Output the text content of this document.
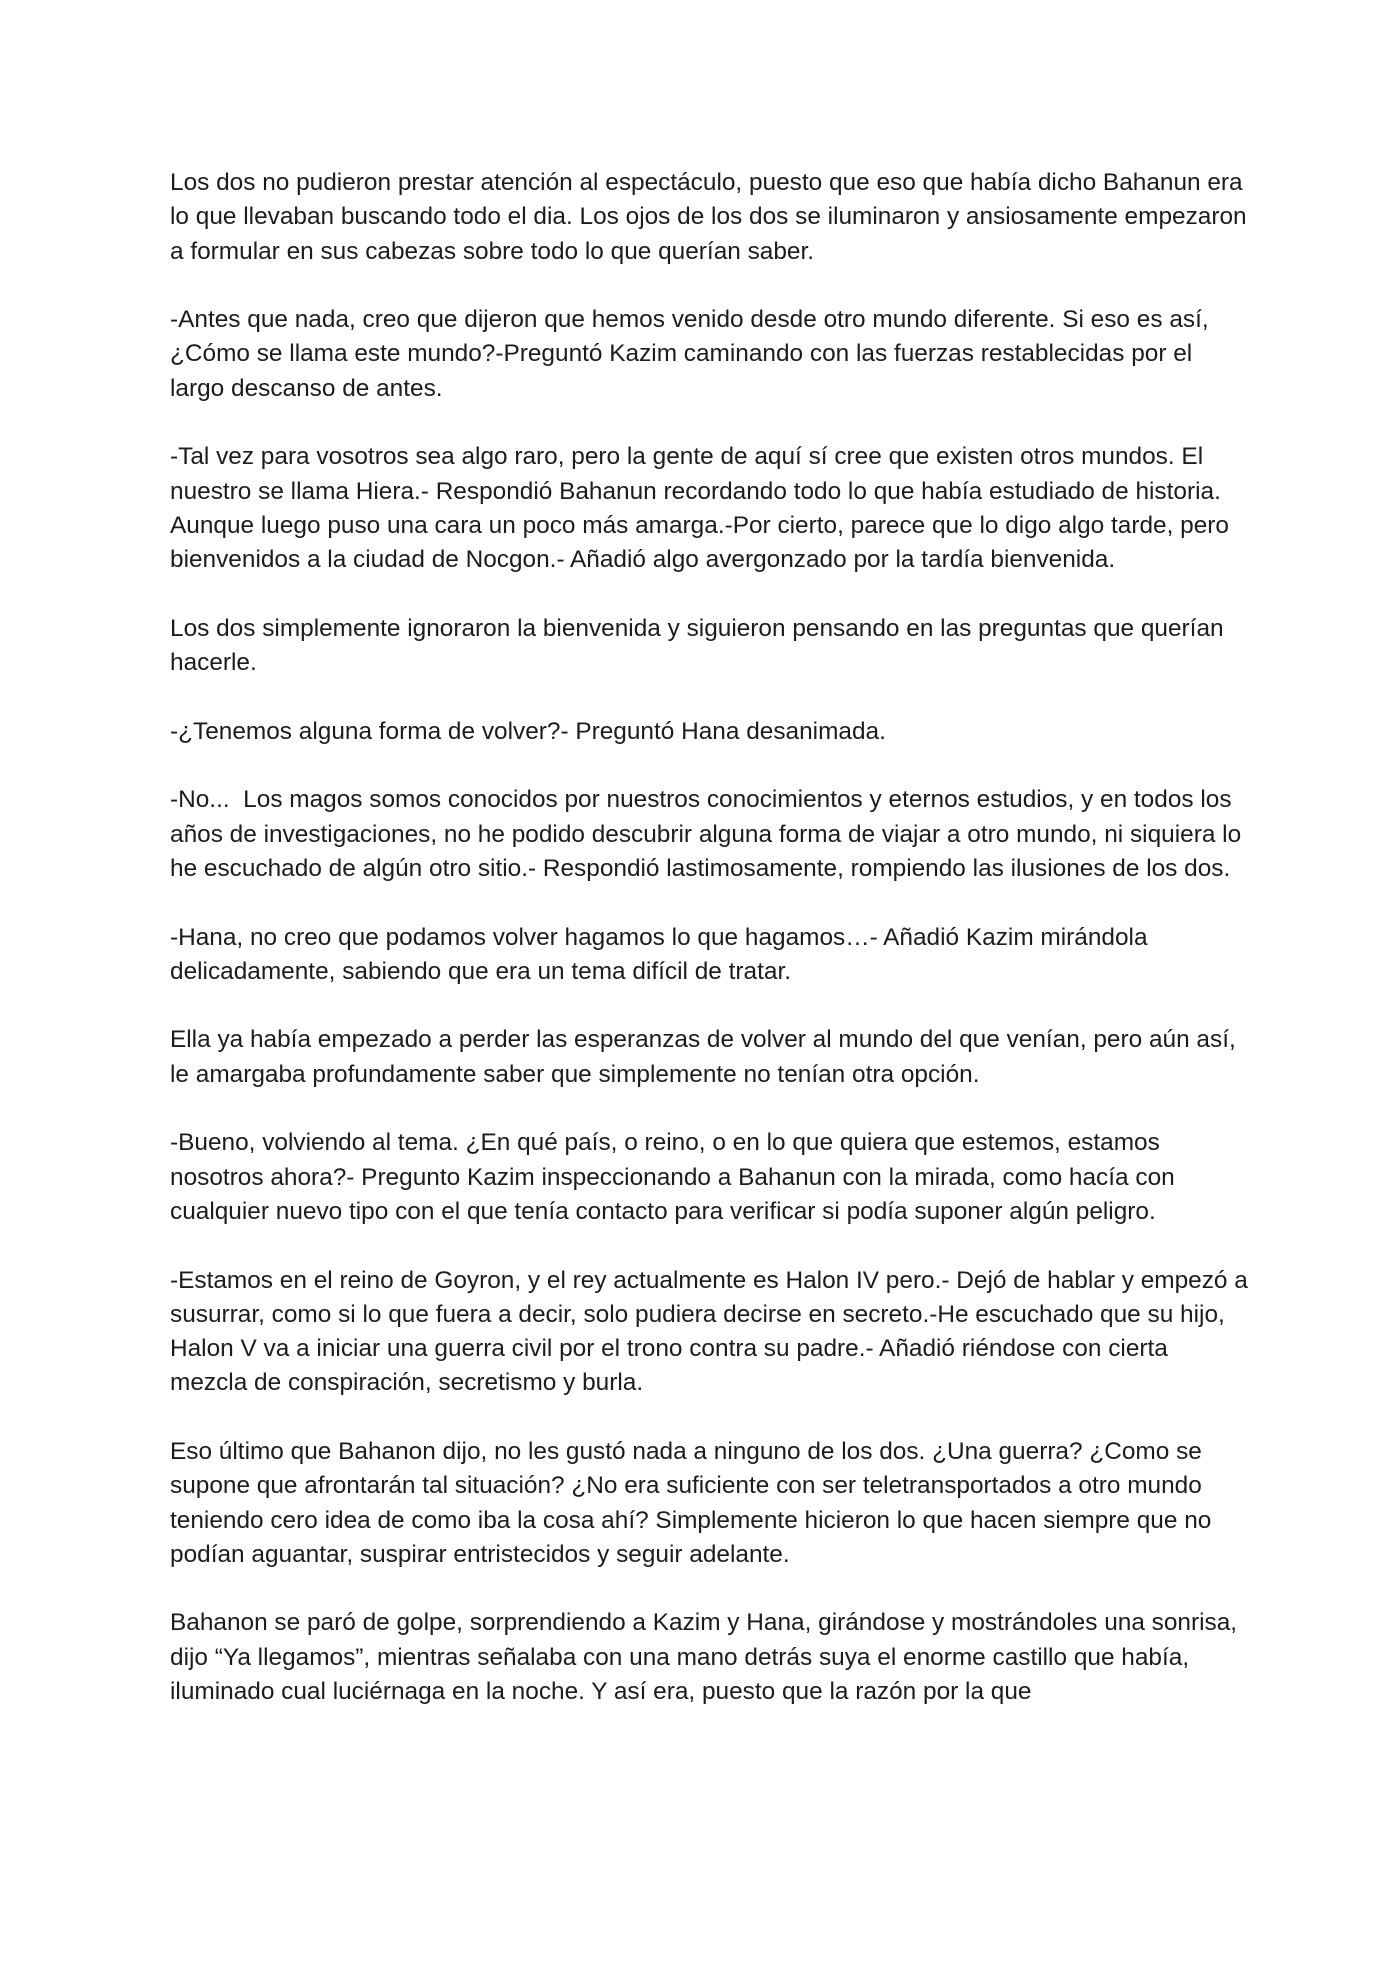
Los dos no pudieron prestar atención al espectáculo, puesto que eso que había dicho Bahanun era lo que llevaban buscando todo el dia. Los ojos de los dos se iluminaron y ansiosamente empezaron a formular en sus cabezas sobre todo lo que querían saber.

-Antes que nada, creo que dijeron que hemos venido desde otro mundo diferente. Si eso es así, ¿Cómo se llama este mundo?-Preguntó Kazim caminando con las fuerzas restablecidas por el largo descanso de antes.

-Tal vez para vosotros sea algo raro, pero la gente de aquí sí cree que existen otros mundos. El nuestro se llama Hiera.- Respondió Bahanun recordando todo lo que había estudiado de historia. Aunque luego puso una cara un poco más amarga.-Por cierto, parece que lo digo algo tarde, pero bienvenidos a la ciudad de Nocgon.- Añadió algo avergonzado por la tardía bienvenida.

Los dos simplemente ignoraron la bienvenida y siguieron pensando en las preguntas que querían hacerle.

-¿Tenemos alguna forma de volver?- Preguntó Hana desanimada.

-No...  Los magos somos conocidos por nuestros conocimientos y eternos estudios, y en todos los años de investigaciones, no he podido descubrir alguna forma de viajar a otro mundo, ni siquiera lo he escuchado de algún otro sitio.- Respondió lastimosamente, rompiendo las ilusiones de los dos.

-Hana, no creo que podamos volver hagamos lo que hagamos…- Añadió Kazim mirándola delicadamente, sabiendo que era un tema difícil de tratar.

Ella ya había empezado a perder las esperanzas de volver al mundo del que venían, pero aún así, le amargaba profundamente saber que simplemente no tenían otra opción.

-Bueno, volviendo al tema. ¿En qué país, o reino, o en lo que quiera que estemos, estamos nosotros ahora?- Pregunto Kazim inspeccionando a Bahanun con la mirada, como hacía con cualquier nuevo tipo con el que tenía contacto para verificar si podía suponer algún peligro.

-Estamos en el reino de Goyron, y el rey actualmente es Halon IV pero.- Dejó de hablar y empezó a susurrar, como si lo que fuera a decir, solo pudiera decirse en secreto.-He escuchado que su hijo, Halon V va a iniciar una guerra civil por el trono contra su padre.- Añadió riéndose con cierta mezcla de conspiración, secretismo y burla.

Eso último que Bahanon dijo, no les gustó nada a ninguno de los dos. ¿Una guerra? ¿Como se supone que afrontarán tal situación? ¿No era suficiente con ser teletransportados a otro mundo teniendo cero idea de como iba la cosa ahí? Simplemente hicieron lo que hacen siempre que no podían aguantar, suspirar entristecidos y seguir adelante.

Bahanon se paró de golpe, sorprendiendo a Kazim y Hana, girándose y mostrándoles una sonrisa, dijo “Ya llegamos”, mientras señalaba con una mano detrás suya el enorme castillo que había, iluminado cual luciérnaga en la noche. Y así era, puesto que la razón por la que
